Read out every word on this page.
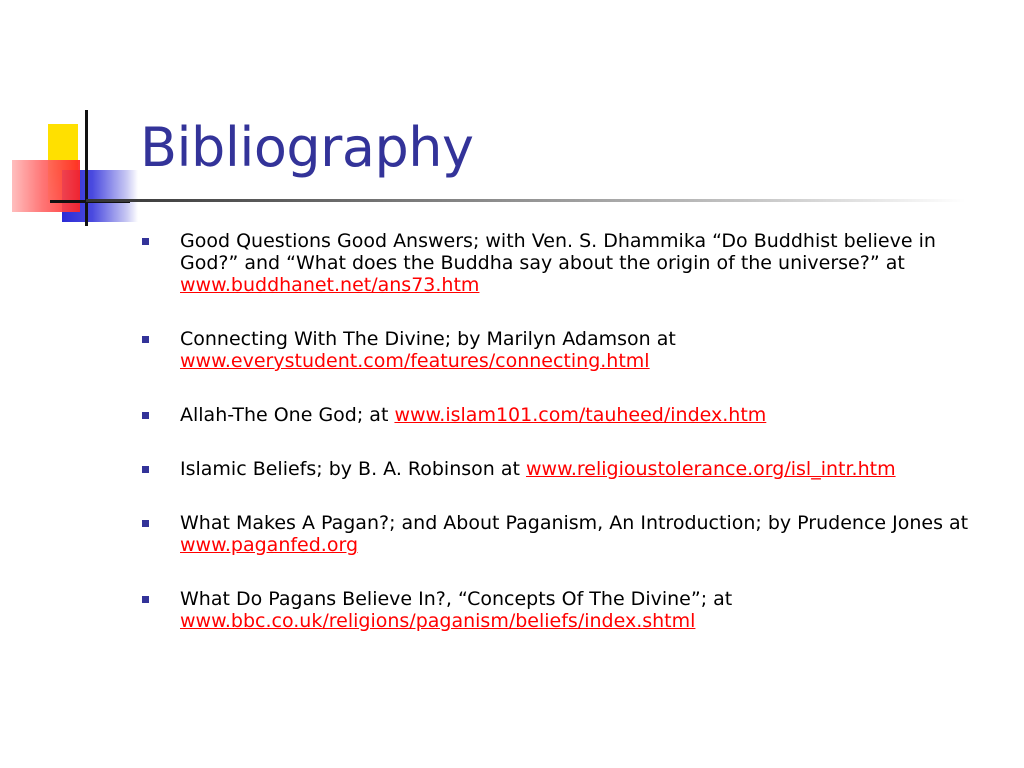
Bibliography
Good Questions Good Answers; with Ven. S. Dhammika “Do Buddhist believe in God?” and “What does the Buddha say about the origin of the universe?” at www.buddhanet.net/ans73.htm
Connecting With The Divine; by Marilyn Adamson at www.everystudent.com/features/connecting.html
Allah-The One God; at www.islam101.com/tauheed/index.htm
Islamic Beliefs; by B. A. Robinson at www.religioustolerance.org/isl_intr.htm
What Makes A Pagan?; and About Paganism, An Introduction; by Prudence Jones at www.paganfed.org
What Do Pagans Believe In?, “Concepts Of The Divine”; at www.bbc.co.uk/religions/paganism/beliefs/index.shtml
